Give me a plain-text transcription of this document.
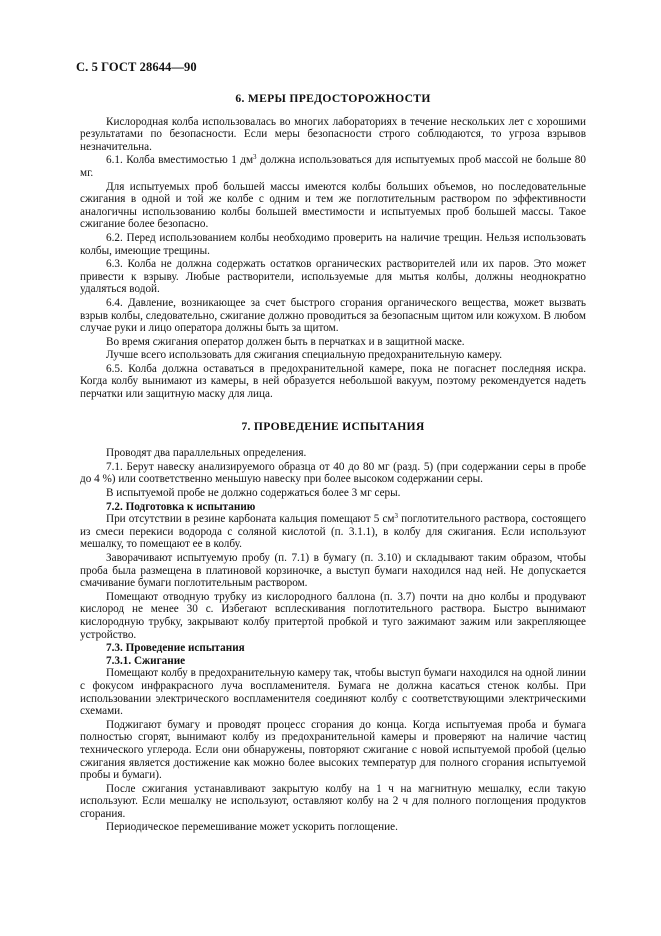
С. 5 ГОСТ 28644—90
6. МЕРЫ ПРЕДОСТОРОЖНОСТИ

Кислородная колба использовалась во многих лабораториях в течение нескольких лет с хорошими результатами по безопасности. Если меры безопасности строго соблюдаются, то угроза взрывов незначительна.

6.1. Колба вместимостью 1 $дм^3$ должна использоваться для испытуемых проб массой не больше 80 мг.

Для испытуемых проб большей массы имеются колбы больших объемов, но последовательные сжигания в одной и той же колбе с одним и тем же поглотительным раствором по эффективности аналогичны использованию колбы большей вместимости и испытуемых проб большей массы. Такое сжигание более безопасно.

6.2. Перед использованием колбы необходимо проверить на наличие трещин. Нельзя использовать колбы, имеющие трещины.

6.3. Колба не должна содержать остатков органических растворителей или их паров. Это может привести к взрыву. Любые растворители, используемые для мытья колбы, должны неоднократно удаляться водой.

6.4. Давление, возникающее за счет быстрого сгорания органического вещества, может вызвать взрыв колбы, следовательно, сжигание должно проводиться за безопасным щитом или кожухом. В любом случае руки и лицо оператора должны быть за щитом.

Во время сжигания оператор должен быть в перчатках и в защитной маске.

Лучше всего использовать для сжигания специальную предохранительную камеру.

6.5. Колба должна оставаться в предохранительной камере, пока не погаснет последняя искра. Когда колбу вынимают из камеры, в ней образуется небольшой вакуум, поэтому рекомендуется надеть перчатки или защитную маску для лица.

7. ПРОВЕДЕНИЕ ИСПЫТАНИЯ

Проводят два параллельных определения.

7.1. Берут навеску анализируемого образца от 40 до 80 мг (разд. 5) (при содержании серы в пробе до 4 %) или соответственно меньшую навеску при более высоком содержании серы.

В испытуемой пробе не должно содержаться более 3 мг серы.

7.2. Подготовка к испытанию

При отсутствии в резине карбоната кальция помещают 5 $см^3$ поглотительного раствора, состоящего из смеси перекиси водорода с соляной кислотой (п. 3.1.1), в колбу для сжигания. Если используют мешалку, то помещают ее в колбу.

Заворачивают испытуемую пробу (п. 7.1) в бумагу (п. 3.10) и складывают таким образом, чтобы проба была размещена в платиновой корзиночке, а выступ бумаги находился над ней. Не допускается смачивание бумаги поглотительным раствором.

Помещают отводную трубку из кислородного баллона (п. 3.7) почти на дно колбы и продувают кислород не менее 30 с. Избегают всплескивания поглотительного раствора. Быстро вынимают кислородную трубку, закрывают колбу притертой пробкой и туго зажимают зажим или закрепляющее устройство.

7.3. Проведение испытания
7.3.1. Сжигание

Помещают колбу в предохранительную камеру так, чтобы выступ бумаги находился на одной линии с фокусом инфракрасного луча воспламенителя. Бумага не должна касаться стенок колбы. При использовании электрического воспламенителя соединяют колбу с соответствующими электрическими схемами.

Поджигают бумагу и проводят процесс сгорания до конца. Когда испытуемая проба и бумага полностью сгорят, вынимают колбу из предохранительной камеры и проверяют на наличие частиц технического углерода. Если они обнаружены, повторяют сжигание с новой испытуемой пробой (целью сжигания является достижение как можно более высоких температур для полного сгорания испытуемой пробы и бумаги).

После сжигания устанавливают закрытую колбу на 1 ч на магнитную мешалку, если такую используют. Если мешалку не используют, оставляют колбу на 2 ч для полного поглощения продуктов сгорания.

Периодическое перемешивание может ускорить поглощение.
